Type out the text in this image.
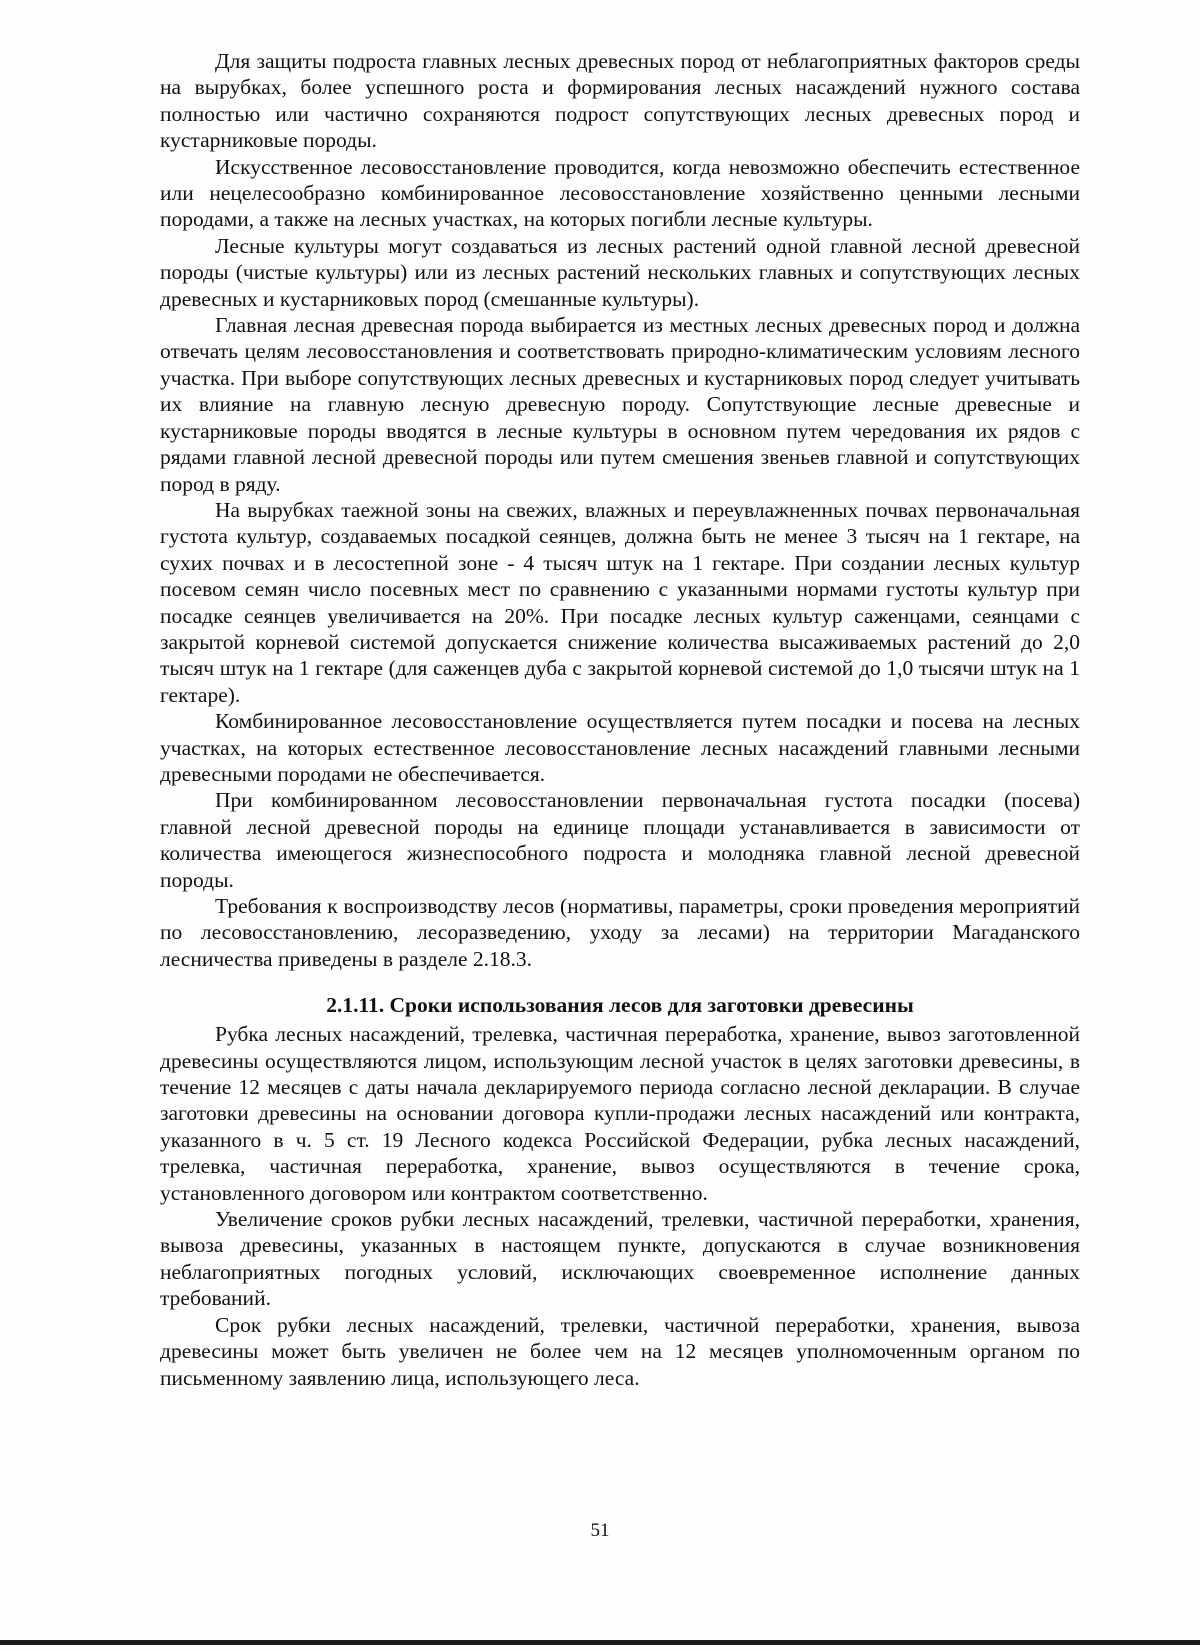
Для защиты подроста главных лесных древесных пород от неблагоприятных факторов среды на вырубках, более успешного роста и формирования лесных насаждений нужного состава полностью или частично сохраняются подрост сопутствующих лесных древесных пород и кустарниковые породы.

Искусственное лесовосстановление проводится, когда невозможно обеспечить естественное или нецелесообразно комбинированное лесовосстановление хозяйственно ценными лесными породами, а также на лесных участках, на которых погибли лесные культуры.

Лесные культуры могут создаваться из лесных растений одной главной лесной древесной породы (чистые культуры) или из лесных растений нескольких главных и сопутствующих лесных древесных и кустарниковых пород (смешанные культуры).

Главная лесная древесная порода выбирается из местных лесных древесных пород и должна отвечать целям лесовосстановления и соответствовать природно-климатическим условиям лесного участка. При выборе сопутствующих лесных древесных и кустарниковых пород следует учитывать их влияние на главную лесную древесную породу. Сопутствующие лесные древесные и кустарниковые породы вводятся в лесные культуры в основном путем чередования их рядов с рядами главной лесной древесной породы или путем смешения звеньев главной и сопутствующих пород в ряду.

На вырубках таежной зоны на свежих, влажных и переувлажненных почвах первоначальная густота культур, создаваемых посадкой сеянцев, должна быть не менее 3 тысяч на 1 гектаре, на сухих почвах и в лесостепной зоне - 4 тысяч штук на 1 гектаре. При создании лесных культур посевом семян число посевных мест по сравнению с указанными нормами густоты культур при посадке сеянцев увеличивается на 20%. При посадке лесных культур саженцами, сеянцами с закрытой корневой системой допускается снижение количества высаживаемых растений до 2,0 тысяч штук на 1 гектаре (для саженцев дуба с закрытой корневой системой до 1,0 тысячи штук на 1 гектаре).

Комбинированное лесовосстановление осуществляется путем посадки и посева на лесных участках, на которых естественное лесовосстановление лесных насаждений главными лесными древесными породами не обеспечивается.

При комбинированном лесовосстановлении первоначальная густота посадки (посева) главной лесной древесной породы на единице площади устанавливается в зависимости от количества имеющегося жизнеспособного подроста и молодняка главной лесной древесной породы.

Требования к воспроизводству лесов (нормативы, параметры, сроки проведения мероприятий по лесовосстановлению, лесоразведению, уходу за лесами) на территории Магаданского лесничества приведены в разделе 2.18.3.

2.1.11. Сроки использования лесов для заготовки древесины

Рубка лесных насаждений, трелевка, частичная переработка, хранение, вывоз заготовленной древесины осуществляются лицом, использующим лесной участок в целях заготовки древесины, в течение 12 месяцев с даты начала декларируемого периода согласно лесной декларации. В случае заготовки древесины на основании договора купли-продажи лесных насаждений или контракта, указанного в ч. 5 ст. 19 Лесного кодекса Российской Федерации, рубка лесных насаждений, трелевка, частичная переработка, хранение, вывоз осуществляются в течение срока, установленного договором или контрактом соответственно.

Увеличение сроков рубки лесных насаждений, трелевки, частичной переработки, хранения, вывоза древесины, указанных в настоящем пункте, допускаются в случае возникновения неблагоприятных погодных условий, исключающих своевременное исполнение данных требований.

Срок рубки лесных насаждений, трелевки, частичной переработки, хранения, вывоза древесины может быть увеличен не более чем на 12 месяцев уполномоченным органом по письменному заявлению лица, использующего леса.

51
